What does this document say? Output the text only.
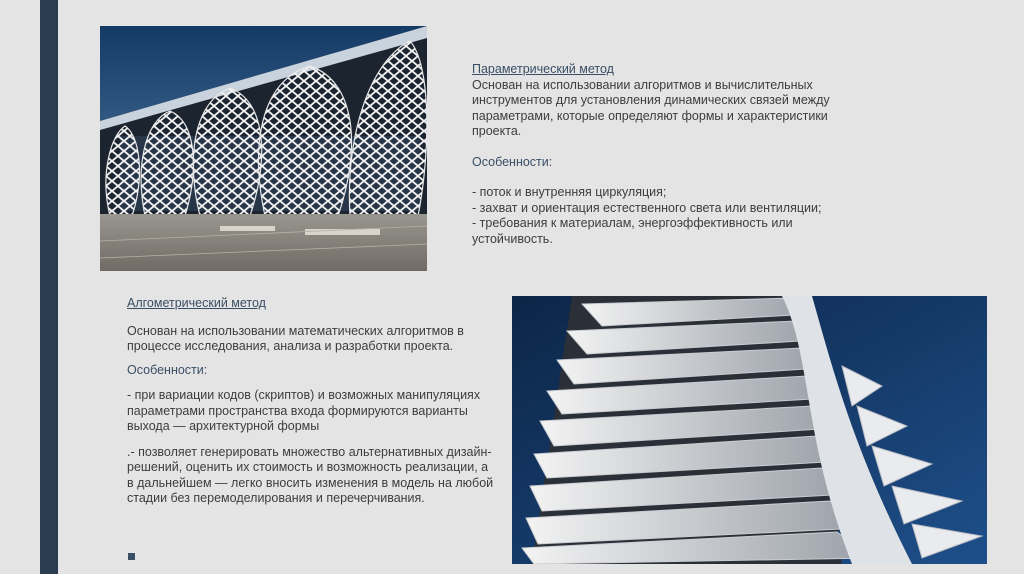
Параметрический метод

Основан на использовании алгоритмов и вычислительных инструментов для установления динамических связей между параметрами, которые определяют формы и характеристики проекта.

Особенности:

- поток и внутренняя циркуляция;

- захват и ориентация естественного света или вентиляции;

- требования к материалам, энергоэффективность или устойчивость.

Алгометрический метод

Основан на использовании математических алгоритмов в процессе исследования, анализа и разработки проекта.

Особенности:

- при вариации кодов (скриптов) и возможных манипуляциях параметрами пространства входа формируются варианты выхода — архитектурной формы

.- позволяет генерировать множество альтернативных дизайн-решений, оценить их стоимость и возможность реализации, а в дальнейшем — легко вносить изменения в модель на любой стадии без перемоделирования и перечерчивания.
